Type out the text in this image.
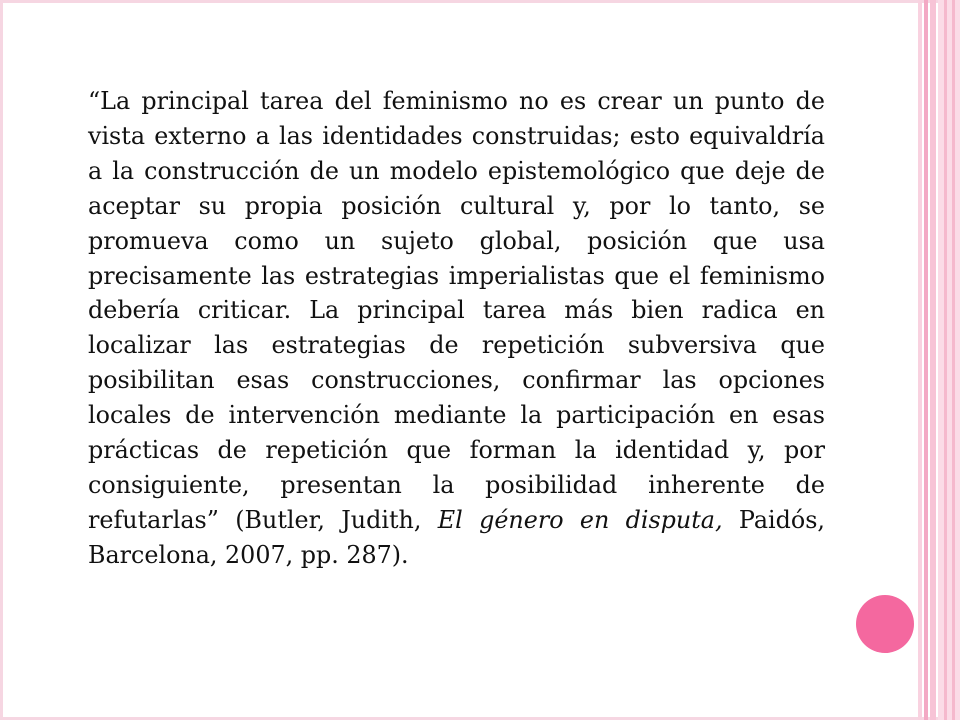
“La principal tarea del feminismo no es crear un punto de vista externo a las identidades construidas; esto equivaldría a la construcción de un modelo epistemológico que deje de aceptar su propia posición cultural y, por lo tanto, se promueva como un sujeto global, posición que usa precisamente las estrategias imperialistas que el feminismo debería criticar. La principal tarea más bien radica en localizar las estrategias de repetición subversiva que posibilitan esas construcciones, confirmar las opciones locales de intervención mediante la participación en esas prácticas de repetición que forman la identidad y, por consiguiente, presentan la posibilidad inherente de refutarlas” (Butler, Judith, El género en disputa, Paidós, Barcelona, 2007, pp. 287).
